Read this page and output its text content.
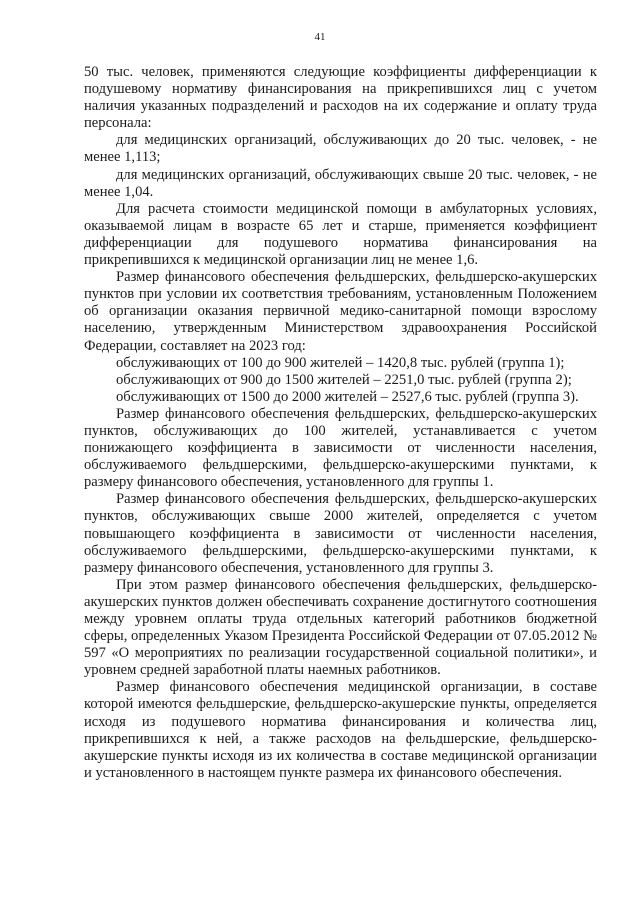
41

50 тыс. человек, применяются следующие коэффициенты дифференциации к подушевому нормативу финансирования на прикрепившихся лиц с учетом наличия указанных подразделений и расходов на их содержание и оплату труда персонала:

для медицинских организаций, обслуживающих до 20 тыс. человек, - не менее 1,113;

для медицинских организаций, обслуживающих свыше 20 тыс. человек, - не менее 1,04.

Для расчета стоимости медицинской помощи в амбулаторных условиях, оказываемой лицам в возрасте 65 лет и старше, применяется коэффициент дифференциации для подушевого норматива финансирования на прикрепившихся к медицинской организации лиц не менее 1,6.

Размер финансового обеспечения фельдшерских, фельдшерско-акушерских пунктов при условии их соответствия требованиям, установленным Положением об организации оказания первичной медико-санитарной помощи взрослому населению, утвержденным Министерством здравоохранения Российской Федерации, составляет на 2023 год:

обслуживающих от 100 до 900 жителей – 1420,8 тыс. рублей (группа 1);

обслуживающих от 900 до 1500 жителей – 2251,0 тыс. рублей (группа 2);

обслуживающих от 1500 до 2000 жителей – 2527,6 тыс. рублей (группа 3).

Размер финансового обеспечения фельдшерских, фельдшерско-акушерских пунктов, обслуживающих до 100 жителей, устанавливается с учетом понижающего коэффициента в зависимости от численности населения, обслуживаемого фельдшерскими, фельдшерско-акушерскими пунктами, к размеру финансового обеспечения, установленного для группы 1.

Размер финансового обеспечения фельдшерских, фельдшерско-акушерских пунктов, обслуживающих свыше 2000 жителей, определяется с учетом повышающего коэффициента в зависимости от численности населения, обслуживаемого фельдшерскими, фельдшерско-акушерскими пунктами, к размеру финансового обеспечения, установленного для группы 3.

При этом размер финансового обеспечения фельдшерских, фельдшерско-акушерских пунктов должен обеспечивать сохранение достигнутого соотношения между уровнем оплаты труда отдельных категорий работников бюджетной сферы, определенных Указом Президента Российской Федерации от 07.05.2012 № 597 «О мероприятиях по реализации государственной социальной политики», и уровнем средней заработной платы наемных работников.

Размер финансового обеспечения медицинской организации, в составе которой имеются фельдшерские, фельдшерско-акушерские пункты, определяется исходя из подушевого норматива финансирования и количества лиц, прикрепившихся к ней, а также расходов на фельдшерские, фельдшерско-акушерские пункты исходя из их количества в составе медицинской организации и установленного в настоящем пункте размера их финансового обеспечения.
